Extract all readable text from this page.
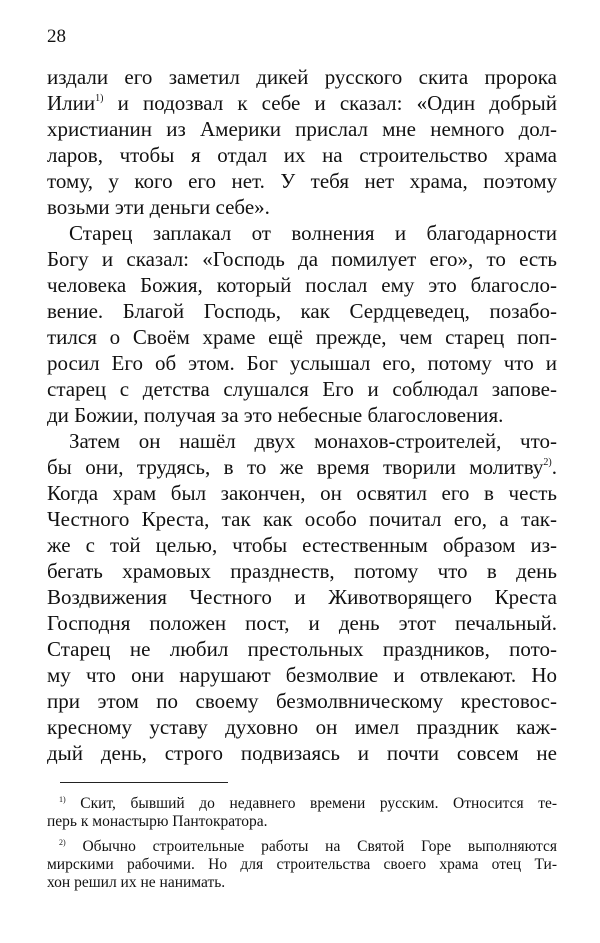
28
издали его заметил дикей русского скита пророка
Илии$^{1)}$ и подозвал к себе и сказал: «Один добрый
христианин из Америки прислал мне немного дол-
ларов, чтобы я отдал их на строительство храма
тому, у кого его нет. У тебя нет храма, поэтому
возьми эти деньги себе».
Старец заплакал от волнения и благодарности
Богу и сказал: «Господь да помилует его», то есть
человека Божия, который послал ему это благосло-
вение. Благой Господь, как Сердцеведец, позабо-
тился о Своём храме ещё прежде, чем старец поп-
росил Его об этом. Бог услышал его, потому что и
старец с детства слушался Его и соблюдал запове-
ди Божии, получая за это небесные благословения.
Затем он нашёл двух монахов-строителей, что-
бы они, трудясь, в то же время творили молитву$^{2)}$.
Когда храм был закончен, он освятил его в честь
Честного Креста, так как особо почитал его, а так-
же с той целью, чтобы естественным образом из-
бегать храмовых празднеств, потому что в день
Воздвижения Честного и Животворящего Креста
Господня положен пост, и день этот печальный.
Старец не любил престольных праздников, пото-
му что они нарушают безмолвие и отвлекают. Но
при этом по своему безмолвническому крестовос-
кресному уставу духовно он имел праздник каж-
дый день, строго подвизаясь и почти совсем не
$^{1)}$ Скит, бывший до недавнего времени русским. Относится те-
перь к монастырю Пантократора.
$^{2)}$ Обычно строительные работы на Святой Горе выполняются
мирскими рабочими. Но для строительства своего храма отец Ти-
хон решил их не нанимать.
